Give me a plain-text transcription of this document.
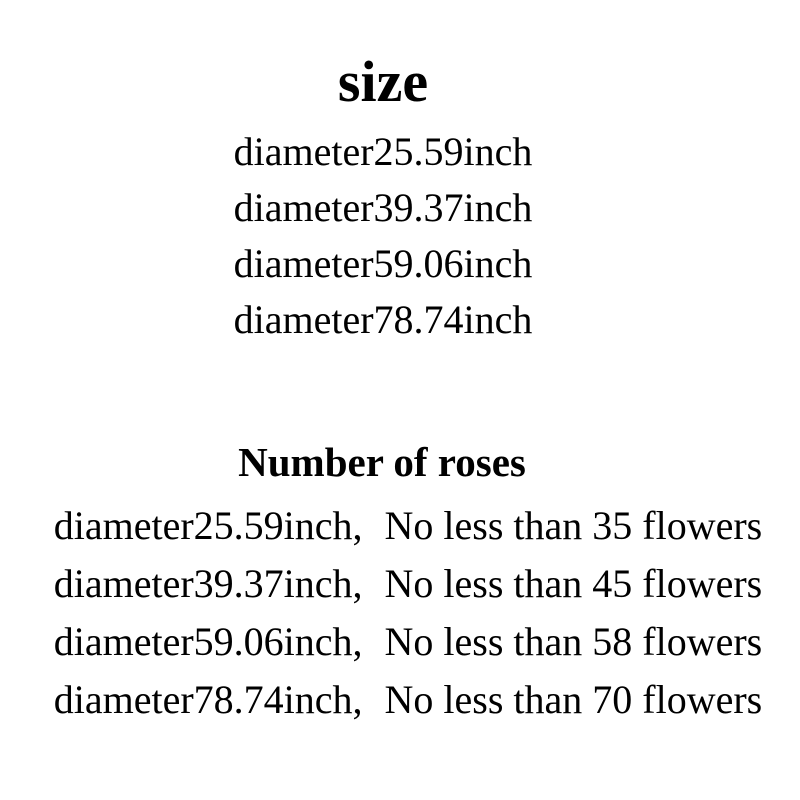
size
diameter25.59inch
diameter39.37inch
diameter59.06inch
diameter78.74inch
Number of roses
diameter25.59inch, No less than 35 flowers
diameter39.37inch, No less than 45 flowers
diameter59.06inch, No less than 58 flowers
diameter78.74inch, No less than 70 flowers
